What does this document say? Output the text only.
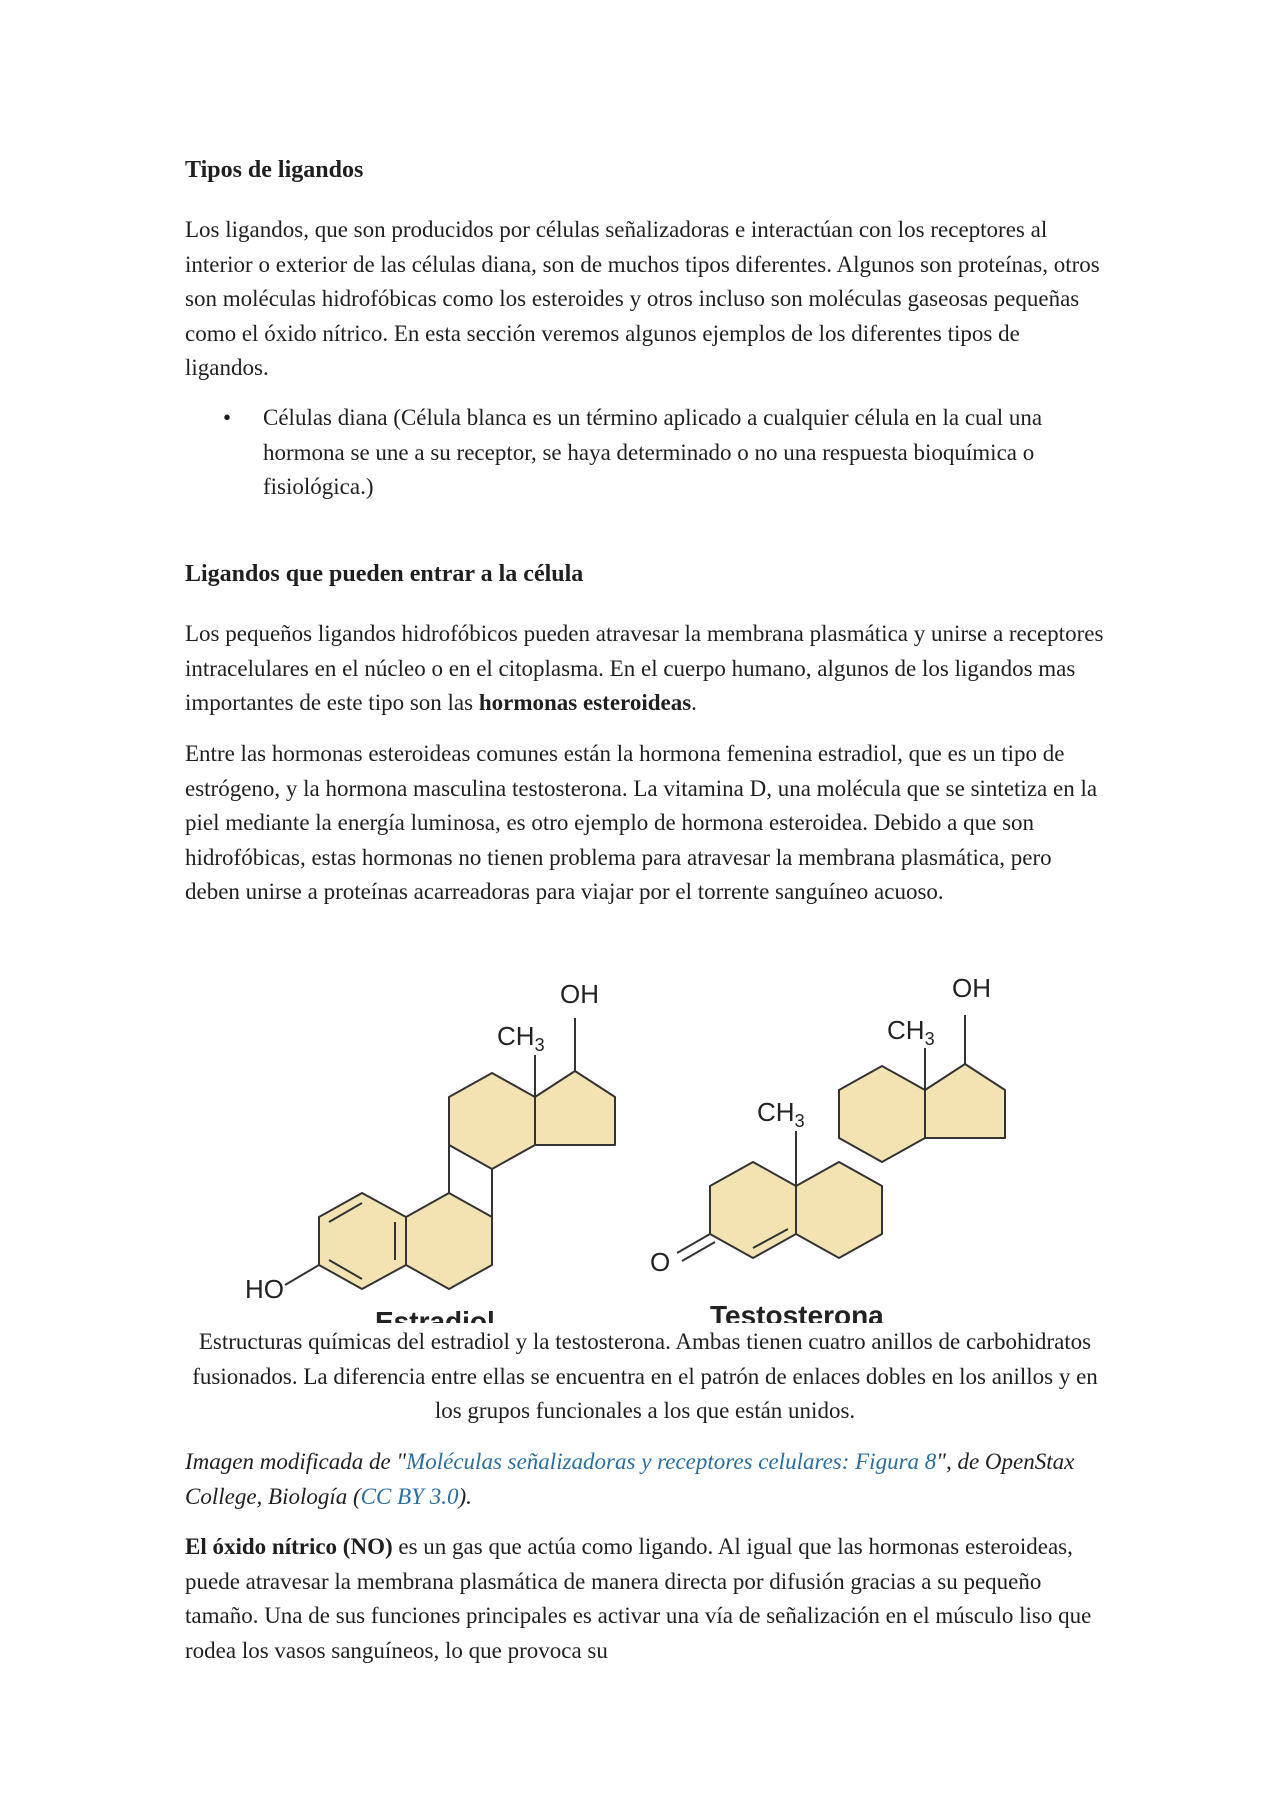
Tipos de ligandos

Los ligandos, que son producidos por células señalizadoras e interactúan con los receptores al interior o exterior de las células diana, son de muchos tipos diferentes. Algunos son proteínas, otros son moléculas hidrofóbicas como los esteroides y otros incluso son moléculas gaseosas pequeñas como el óxido nítrico. En esta sección veremos algunos ejemplos de los diferentes tipos de ligandos.

• Células diana (Célula blanca es un término aplicado a cualquier célula en la cual una hormona se une a su receptor, se haya determinado o no una respuesta bioquímica o fisiológica.)
Ligandos que pueden entrar a la célula

Los pequeños ligandos hidrofóbicos pueden atravesar la membrana plasmática y unirse a receptores intracelulares en el núcleo o en el citoplasma. En el cuerpo humano, algunos de los ligandos mas importantes de este tipo son las hormonas esteroideas.

Entre las hormonas esteroideas comunes están la hormona femenina estradiol, que es un tipo de estrógeno, y la hormona masculina testosterona. La vitamina D, una molécula que se sintetiza en la piel mediante la energía luminosa, es otro ejemplo de hormona esteroidea. Debido a que son hidrofóbicas, estas hormonas no tienen problema para atravesar la membrana plasmática, pero deben unirse a proteínas acarreadoras para viajar por el torrente sanguíneo acuoso.

OH
$CH_3$
HO
Estradiol
OH
$CH_3$
$CH_3$
O
Testosterona

Estructuras químicas del estradiol y la testosterona. Ambas tienen cuatro anillos de carbohidratos fusionados. La diferencia entre ellas se encuentra en el patrón de enlaces dobles en los anillos y en los grupos funcionales a los que están unidos.

Imagen modificada de "Moléculas señalizadoras y receptores celulares: Figura 8", de OpenStax College, Biología (CC BY 3.0).

El óxido nítrico (NO) es un gas que actúa como ligando. Al igual que las hormonas esteroideas, puede atravesar la membrana plasmática de manera directa por difusión gracias a su pequeño tamaño. Una de sus funciones principales es activar una vía de señalización en el músculo liso que rodea los vasos sanguíneos, lo que provoca su
